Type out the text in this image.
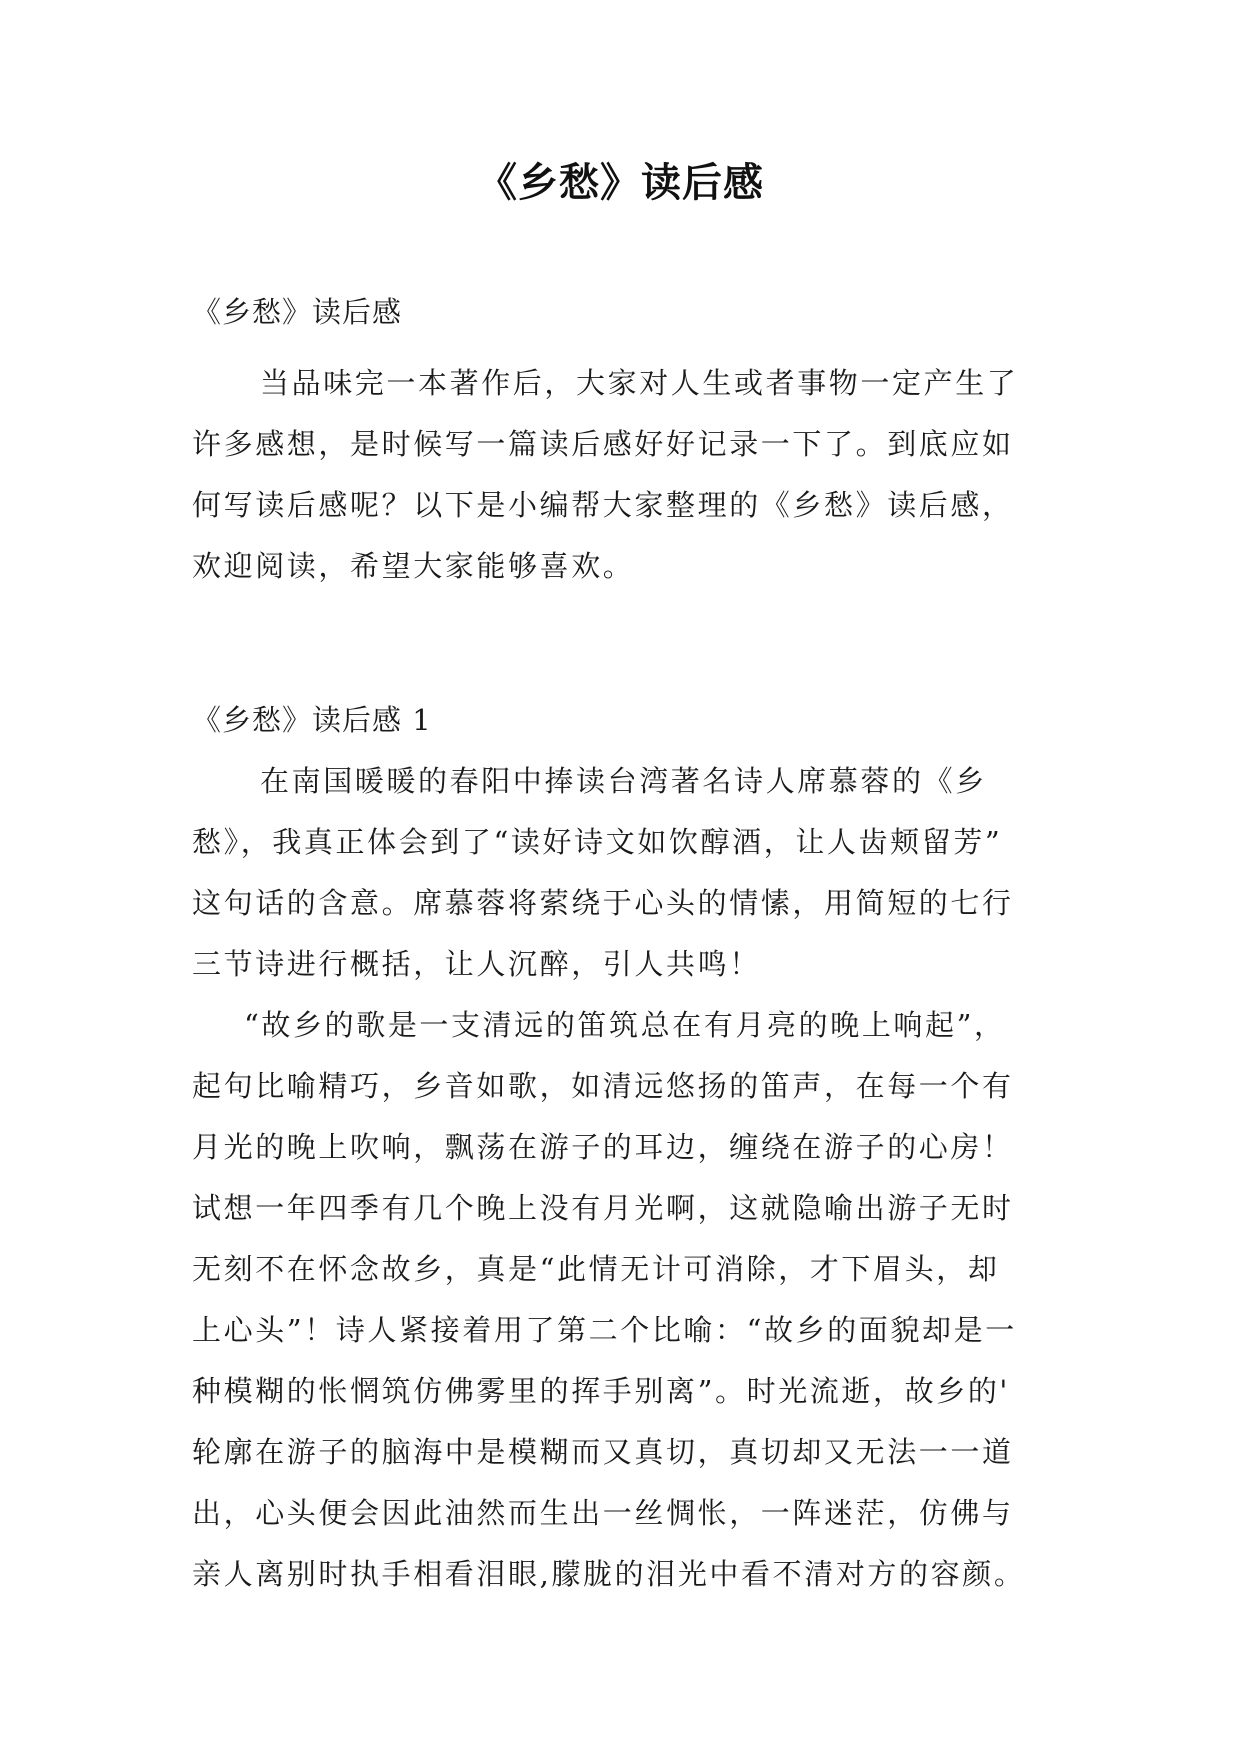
《乡愁》读后感
《乡愁》读后感
当品味完一本著作后，大家对人生或者事物一定产生了
许多感想，是时候写一篇读后感好好记录一下了。到底应如
何写读后感呢？以下是小编帮大家整理的《乡愁》读后感，
欢迎阅读，希望大家能够喜欢。
《乡愁》读后感 1
在南国暖暖的春阳中捧读台湾著名诗人席慕蓉的《乡
愁》，我真正体会到了“读好诗文如饮醇酒，让人齿颊留芳”
这句话的含意。席慕蓉将萦绕于心头的情愫，用简短的七行
三节诗进行概括，让人沉醉，引人共鸣！
“故乡的歌是一支清远的笛筑总在有月亮的晚上响起”，
起句比喻精巧，乡音如歌，如清远悠扬的笛声，在每一个有
月光的晚上吹响，飘荡在游子的耳边，缠绕在游子的心房！
试想一年四季有几个晚上没有月光啊，这就隐喻出游子无时
无刻不在怀念故乡，真是“此情无计可消除，才下眉头，却
上心头”！诗人紧接着用了第二个比喻：“故乡的面貌却是一
种模糊的怅惘筑仿佛雾里的挥手别离”。时光流逝，故乡的'
轮廓在游子的脑海中是模糊而又真切，真切却又无法一一道
出，心头便会因此油然而生出一丝惆怅，一阵迷茫，仿佛与
亲人离别时执手相看泪眼,朦胧的泪光中看不清对方的容颜。
